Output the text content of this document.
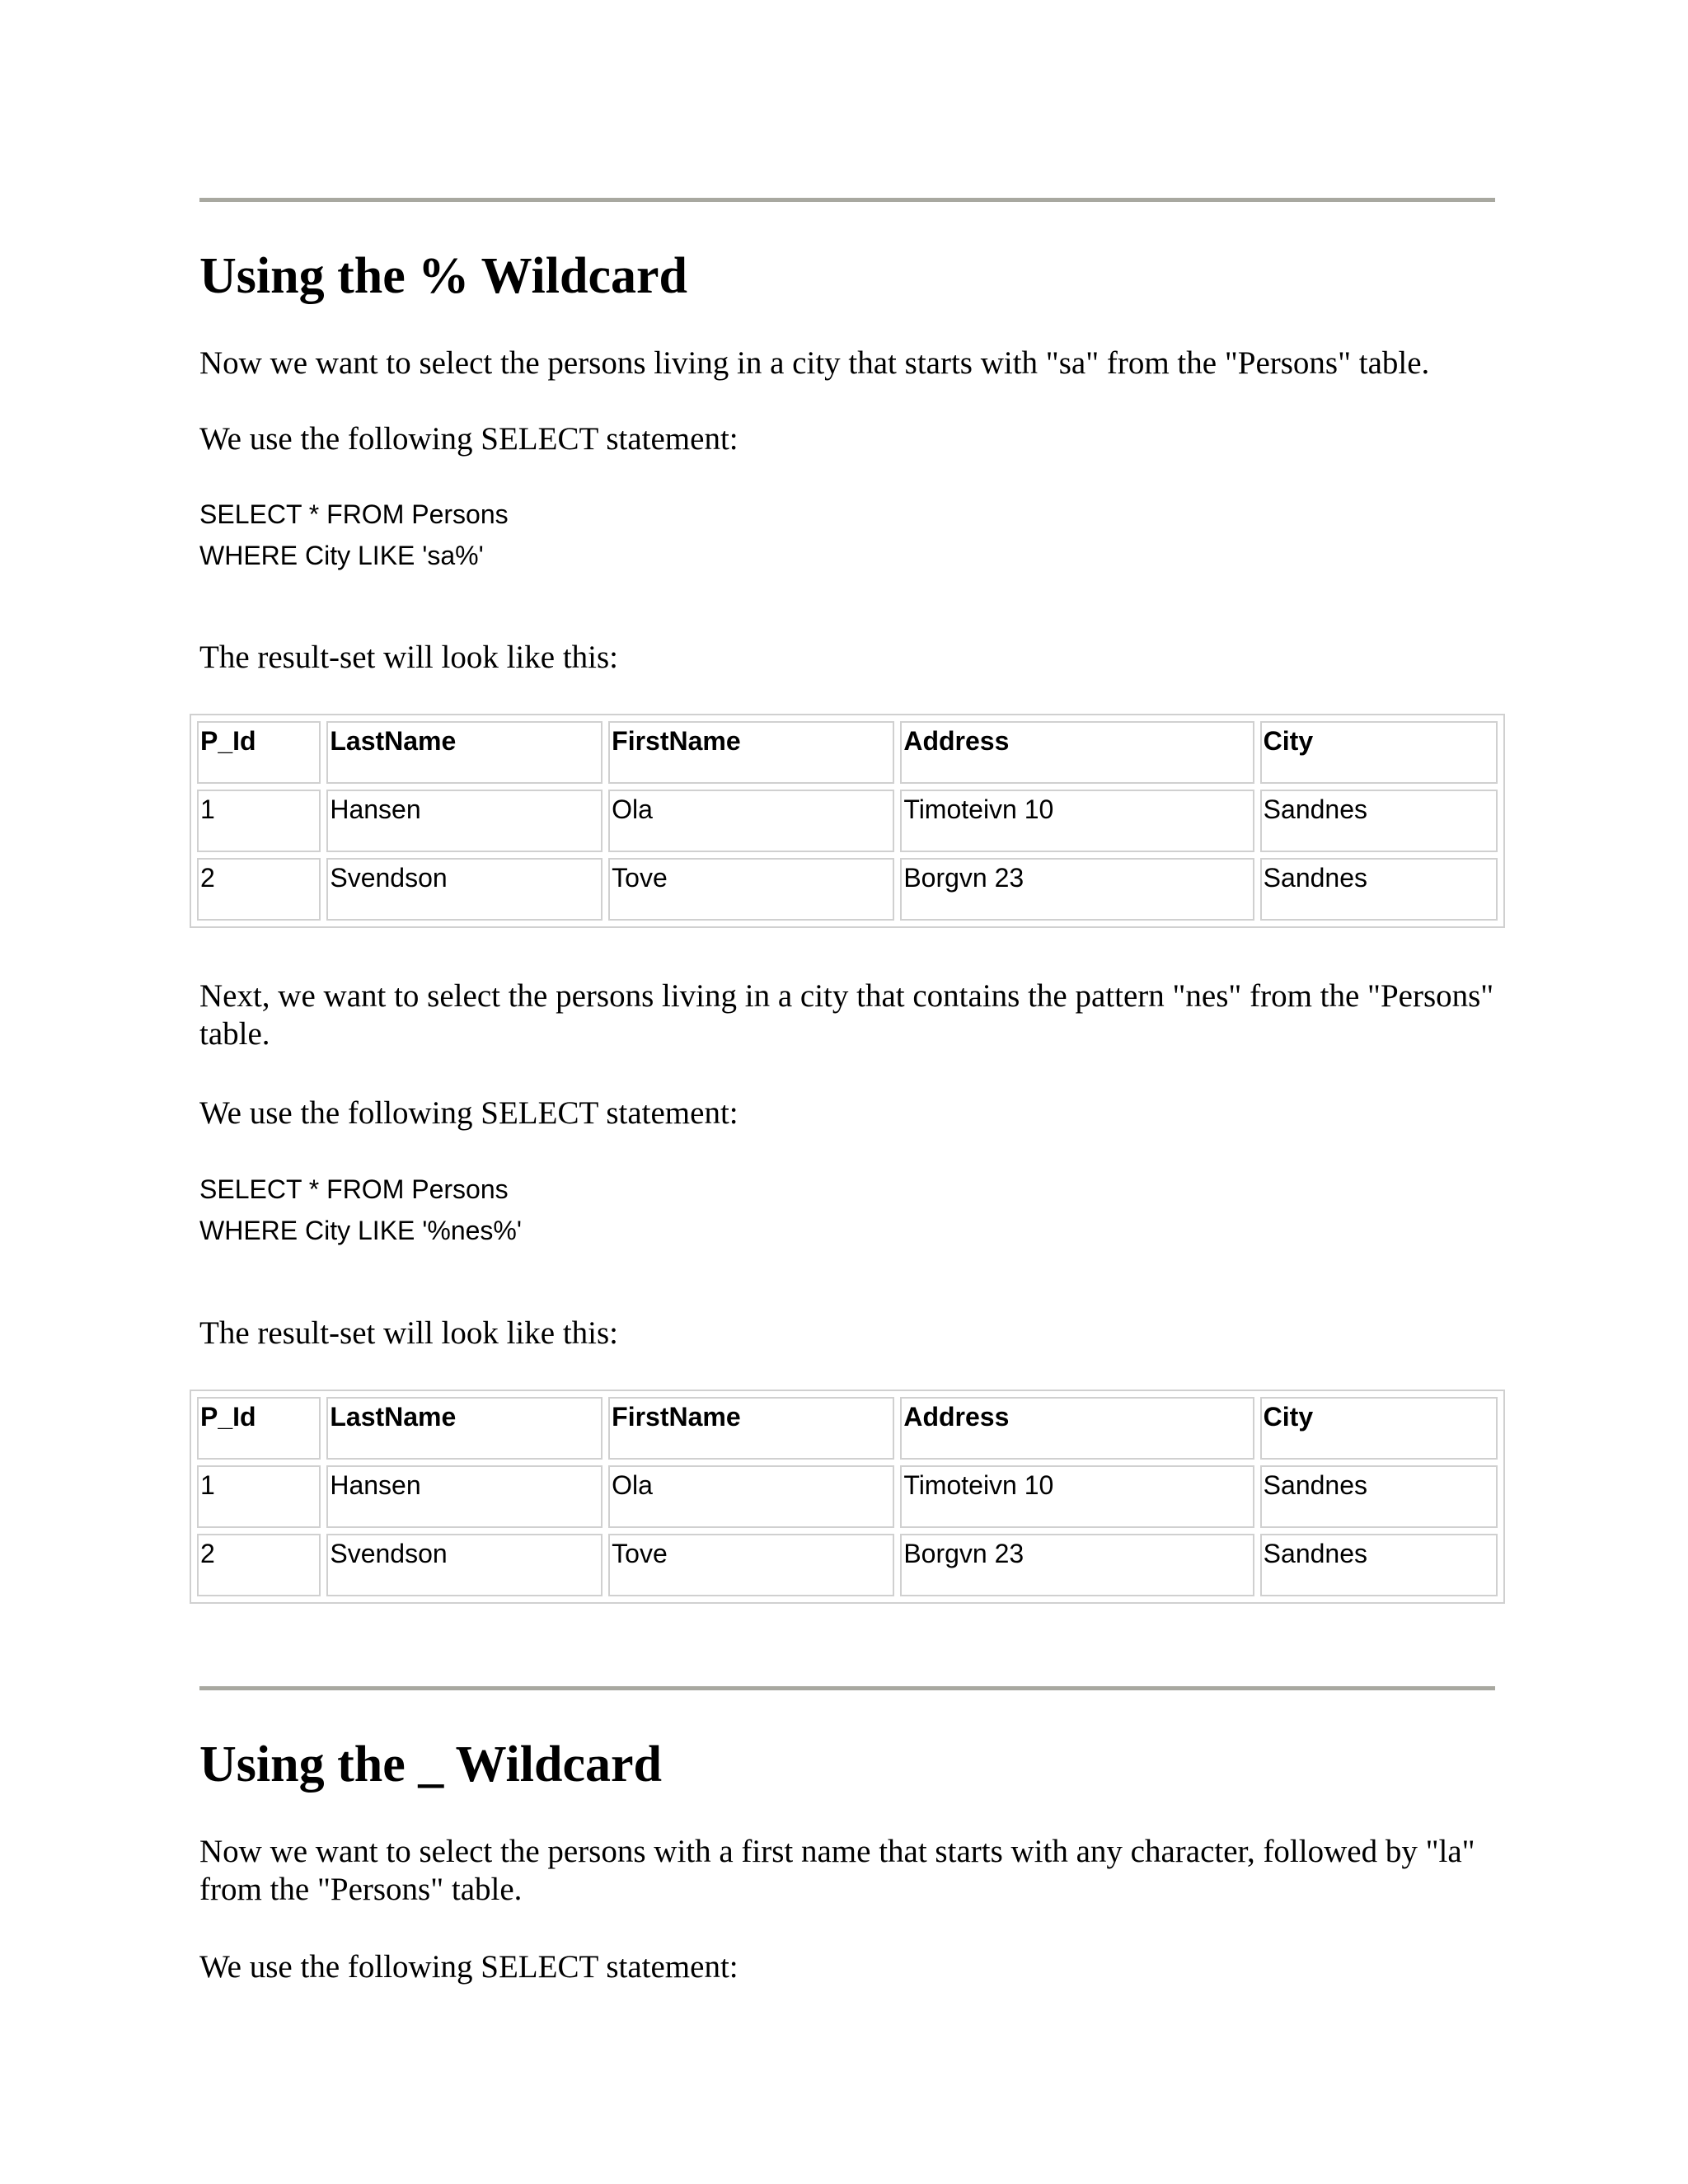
Using the % Wildcard

Now we want to select the persons living in a city that starts with "sa" from the "Persons" table.

We use the following SELECT statement:

SELECT * FROM Persons
WHERE City LIKE 'sa%'

The result-set will look like this:

P_Id	LastName	FirstName	Address	City
1	Hansen	Ola	Timoteivn 10	Sandnes
2	Svendson	Tove	Borgvn 23	Sandnes

Next, we want to select the persons living in a city that contains the pattern "nes" from the "Persons" table.

We use the following SELECT statement:

SELECT * FROM Persons
WHERE City LIKE '%nes%'

The result-set will look like this:

P_Id	LastName	FirstName	Address	City
1	Hansen	Ola	Timoteivn 10	Sandnes
2	Svendson	Tove	Borgvn 23	Sandnes
Using the _ Wildcard

Now we want to select the persons with a first name that starts with any character, followed by "la" from the "Persons" table.

We use the following SELECT statement:
